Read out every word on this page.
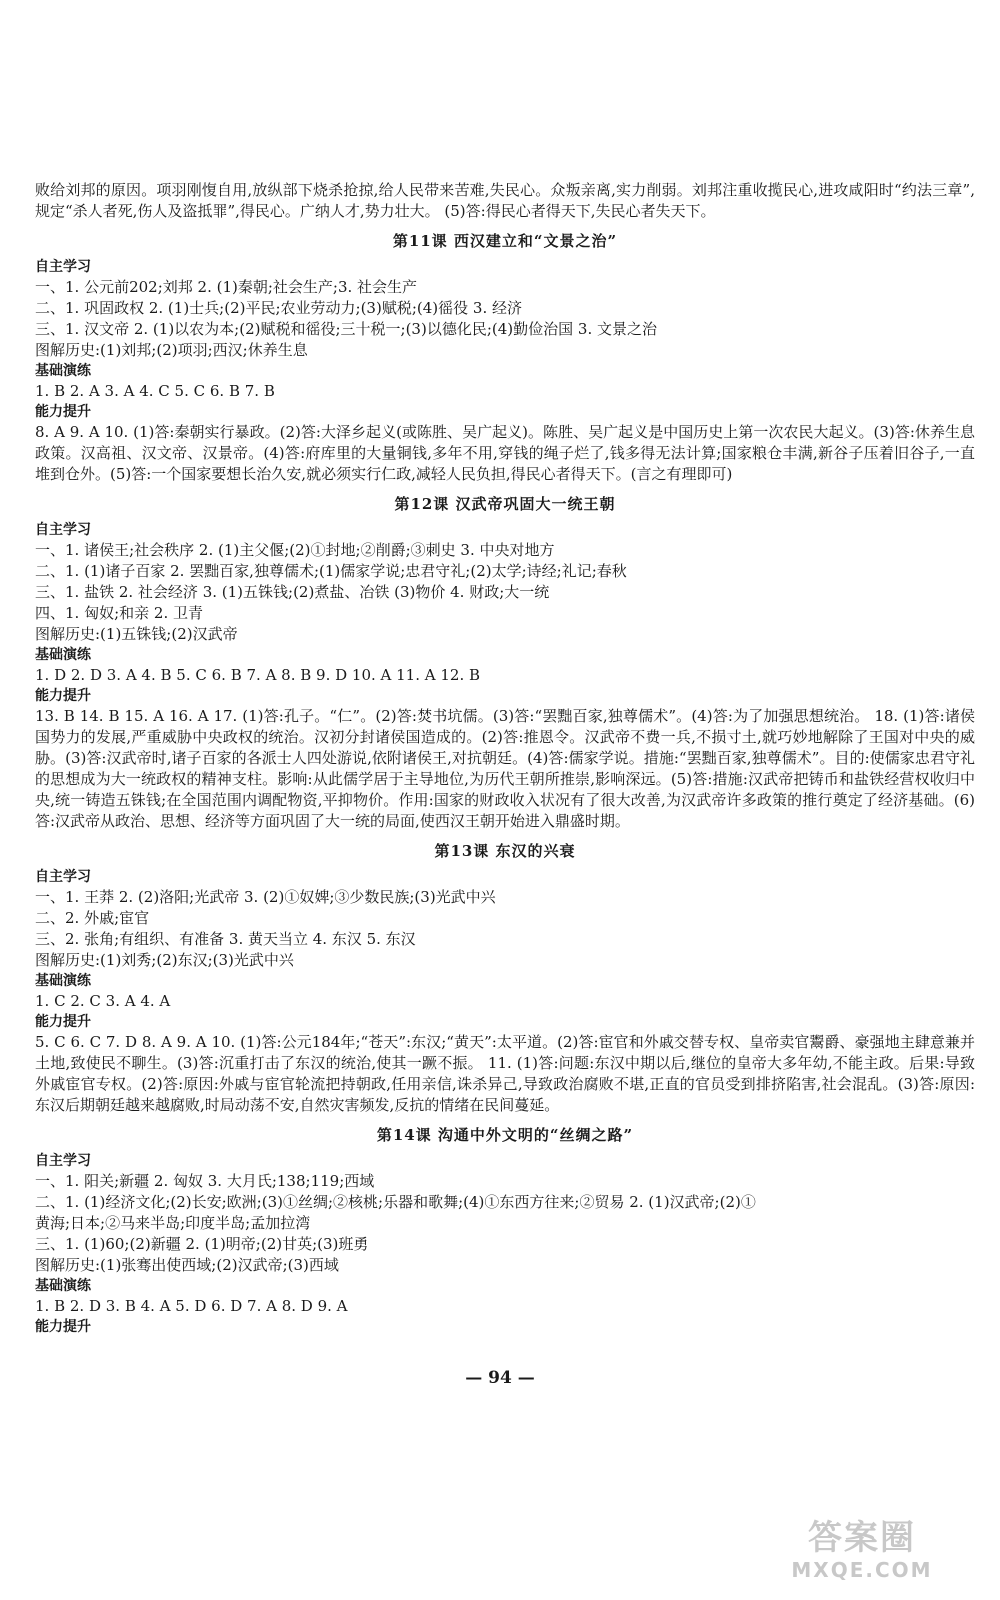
败给刘邦的原因。项羽刚愎自用,放纵部下烧杀抢掠,给人民带来苦难,失民心。众叛亲离,实力削弱。刘邦注重收揽民心,进攻咸阳时“约法三章”,规定“杀人者死,伤人及盗抵罪”,得民心。广纳人才,势力壮大。 (5)答:得民心者得天下,失民心者失天下。

第11课 西汉建立和“文景之治”

自主学习

一、1. 公元前202;刘邦 2. (1)秦朝;社会生产;3. 社会生产

二、1. 巩固政权 2. (1)士兵;(2)平民;农业劳动力;(3)赋税;(4)徭役 3. 经济

三、1. 汉文帝 2. (1)以农为本;(2)赋税和徭役;三十税一;(3)以德化民;(4)勤俭治国 3. 文景之治

图解历史:(1)刘邦;(2)项羽;西汉;休养生息

基础演练

1. B 2. A 3. A 4. C 5. C 6. B 7. B

能力提升

8. A 9. A 10. (1)答:秦朝实行暴政。(2)答:大泽乡起义(或陈胜、吴广起义)。陈胜、吴广起义是中国历史上第一次农民大起义。(3)答:休养生息政策。汉高祖、汉文帝、汉景帝。(4)答:府库里的大量铜钱,多年不用,穿钱的绳子烂了,钱多得无法计算;国家粮仓丰满,新谷子压着旧谷子,一直堆到仓外。(5)答:一个国家要想长治久安,就必须实行仁政,减轻人民负担,得民心者得天下。(言之有理即可)

第12课 汉武帝巩固大一统王朝

自主学习

一、1. 诸侯王;社会秩序 2. (1)主父偃;(2)①封地;②削爵;③刺史 3. 中央对地方

二、1. (1)诸子百家 2. 罢黜百家,独尊儒术;(1)儒家学说;忠君守礼;(2)太学;诗经;礼记;春秋

三、1. 盐铁 2. 社会经济 3. (1)五铢钱;(2)煮盐、冶铁 (3)物价 4. 财政;大一统

四、1. 匈奴;和亲 2. 卫青

图解历史:(1)五铢钱;(2)汉武帝

基础演练

1. D 2. D 3. A 4. B 5. C 6. B 7. A 8. B 9. D 10. A 11. A 12. B

能力提升

13. B 14. B 15. A 16. A 17. (1)答:孔子。“仁”。(2)答:焚书坑儒。(3)答:“罢黜百家,独尊儒术”。(4)答:为了加强思想统治。 18. (1)答:诸侯国势力的发展,严重威胁中央政权的统治。汉初分封诸侯国造成的。(2)答:推恩令。汉武帝不费一兵,不损寸土,就巧妙地解除了王国对中央的威胁。(3)答:汉武帝时,诸子百家的各派士人四处游说,依附诸侯王,对抗朝廷。(4)答:儒家学说。措施:“罢黜百家,独尊儒术”。目的:使儒家忠君守礼的思想成为大一统政权的精神支柱。影响:从此儒学居于主导地位,为历代王朝所推崇,影响深远。(5)答:措施:汉武帝把铸币和盐铁经营权收归中央,统一铸造五铢钱;在全国范围内调配物资,平抑物价。作用:国家的财政收入状况有了很大改善,为汉武帝许多政策的推行奠定了经济基础。(6)答:汉武帝从政治、思想、经济等方面巩固了大一统的局面,使西汉王朝开始进入鼎盛时期。

第13课 东汉的兴衰

自主学习

一、1. 王莽 2. (2)洛阳;光武帝 3. (2)①奴婢;③少数民族;(3)光武中兴

二、2. 外戚;宦官

三、2. 张角;有组织、有准备 3. 黄天当立 4. 东汉 5. 东汉

图解历史:(1)刘秀;(2)东汉;(3)光武中兴

基础演练

1. C 2. C 3. A 4. A

能力提升

5. C 6. C 7. D 8. A 9. A 10. (1)答:公元184年;“苍天”:东汉;“黄天”:太平道。(2)答:宦官和外戚交替专权、皇帝卖官鬻爵、豪强地主肆意兼并土地,致使民不聊生。(3)答:沉重打击了东汉的统治,使其一蹶不振。 11. (1)答:问题:东汉中期以后,继位的皇帝大多年幼,不能主政。后果:导致外戚宦官专权。(2)答:原因:外戚与宦官轮流把持朝政,任用亲信,诛杀异己,导致政治腐败不堪,正直的官员受到排挤陷害,社会混乱。(3)答:原因:东汉后期朝廷越来越腐败,时局动荡不安,自然灾害频发,反抗的情绪在民间蔓延。

第14课 沟通中外文明的“丝绸之路”

自主学习

一、1. 阳关;新疆 2. 匈奴 3. 大月氏;138;119;西域

二、1. (1)经济文化;(2)长安;欧洲;(3)①丝绸;②核桃;乐器和歌舞;(4)①东西方往来;②贸易 2. (1)汉武帝;(2)①

黄海;日本;②马来半岛;印度半岛;孟加拉湾

三、1. (1)60;(2)新疆 2. (1)明帝;(2)甘英;(3)班勇

图解历史:(1)张骞出使西域;(2)汉武帝;(3)西域

基础演练

1. B 2. D 3. B 4. A 5. D 6. D 7. A 8. D 9. A

能力提升

— 94 —
答案圈
MXQE.COM
